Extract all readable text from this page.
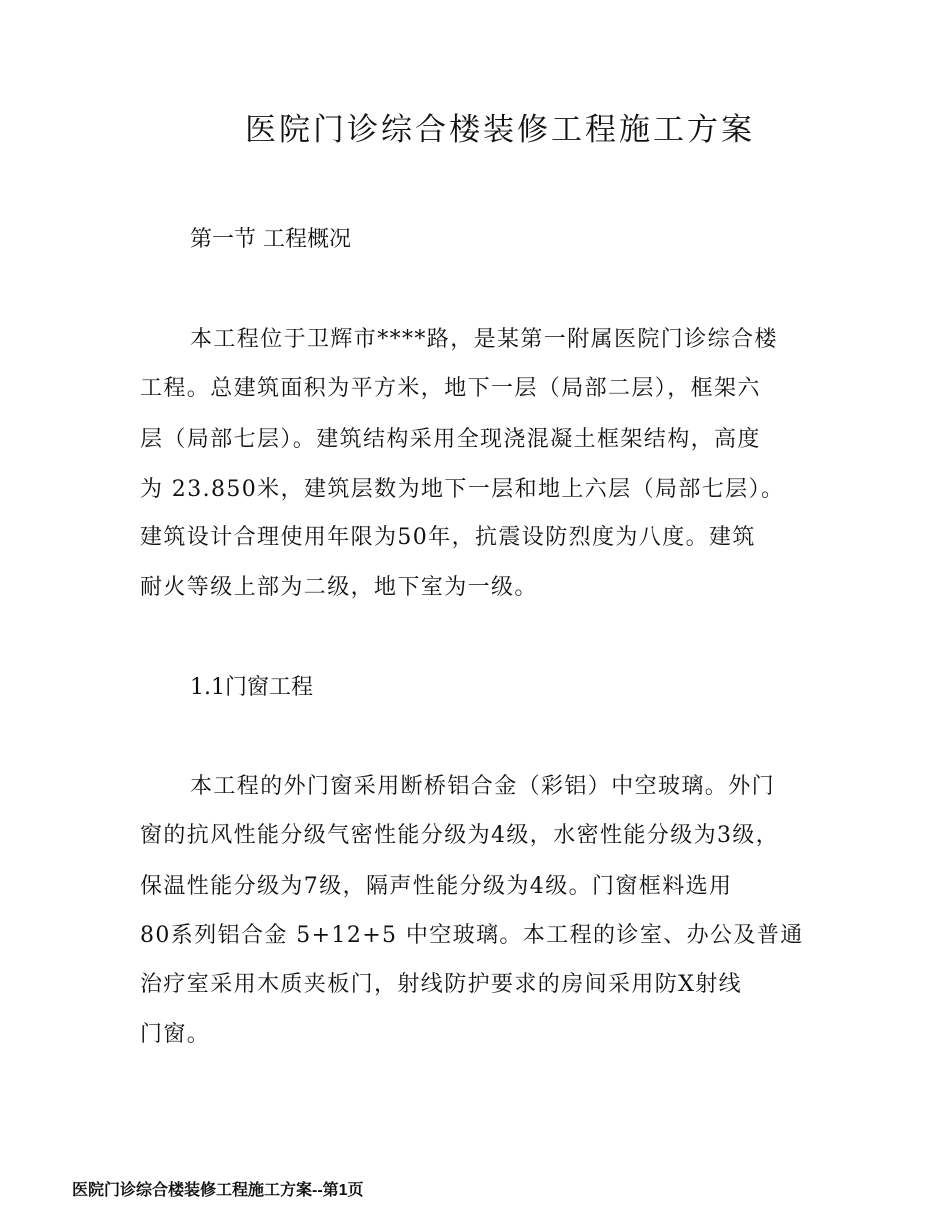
医院门诊综合楼装修工程施工方案
第一节 工程概况
本工程位于卫辉市****路，是某第一附属医院门诊综合楼
工程。总建筑面积为平方米，地下一层（局部二层），框架六
层（局部七层）。建筑结构采用全现浇混凝土框架结构，高度
为 23.850米，建筑层数为地下一层和地上六层（局部七层）。
建筑设计合理使用年限为50年，抗震设防烈度为八度。建筑
耐火等级上部为二级，地下室为一级。
1.1门窗工程
本工程的外门窗采用断桥铝合金（彩铝）中空玻璃。外门
窗的抗风性能分级气密性能分级为4级，水密性能分级为3级，
保温性能分级为7级，隔声性能分级为4级。门窗框料选用
80系列铝合金 5+12+5 中空玻璃。本工程的诊室、办公及普通
治疗室采用木质夹板门，射线防护要求的房间采用防X射线
门窗。
医院门诊综合楼装修工程施工方案--第1页
